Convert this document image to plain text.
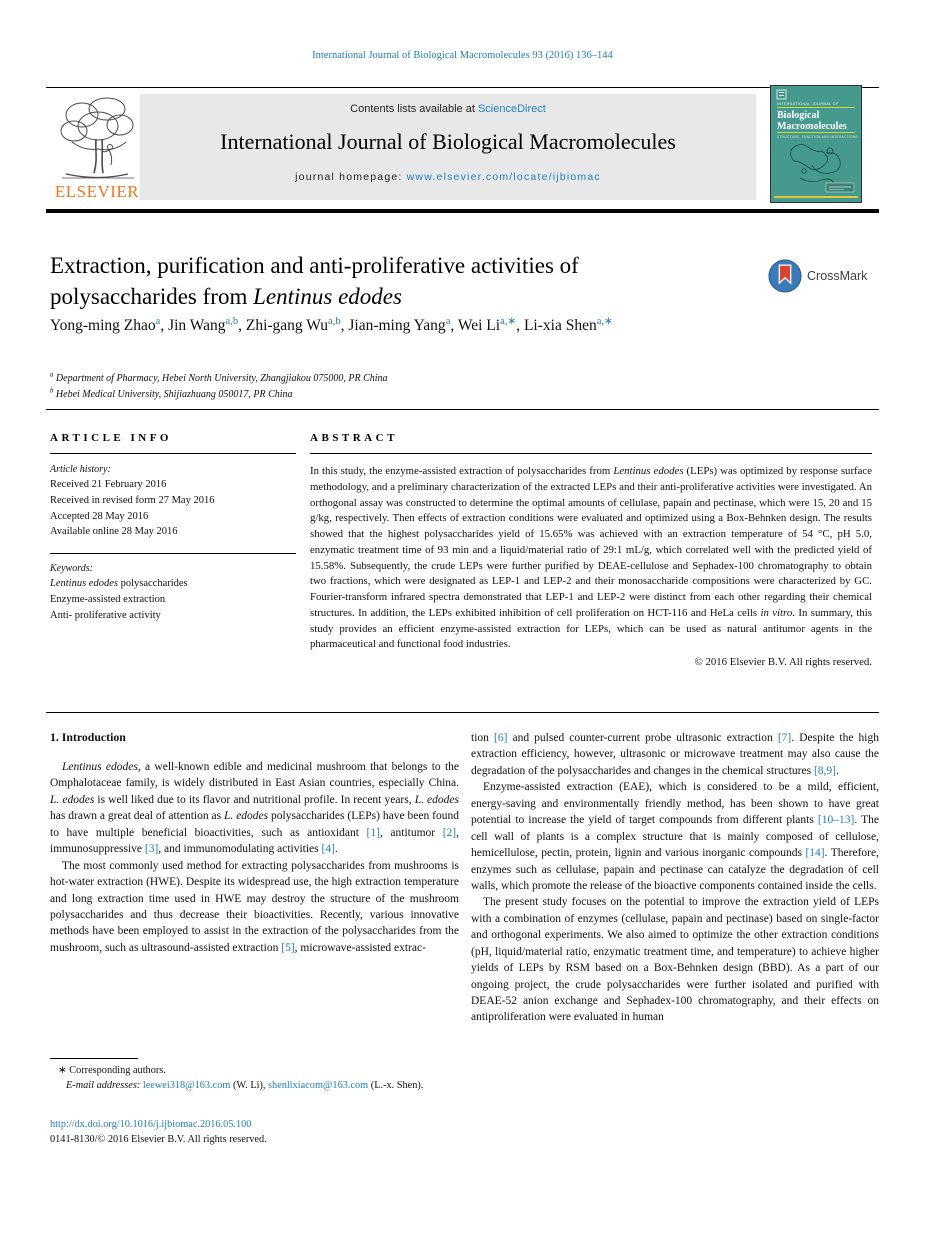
International Journal of Biological Macromolecules 93 (2016) 136–144
ELSEVIER
Contents lists available at ScienceDirect
International Journal of Biological Macromolecules
journal homepage: www.elsevier.com/locate/ijbiomac
INTERNATIONAL JOURNAL OF
Biological
Macromolecules
STRUCTURE, FUNCTION AND INTERACTIONS
Extraction, purification and anti-proliferative activities of polysaccharides from Lentinus edodes
CrossMark
Yong-ming Zhao$^a$, Jin Wang$^{a,b}$, Zhi-gang Wu$^{a,b}$, Jian-ming Yang$^a$, Wei $Li^{a,∗}$, Li-xia Shen$^{a,∗}$
$^a$ Department of Pharmacy, Hebei North University, Zhangjiakou 075000, PR China
$^b$ Hebei Medical University, Shijiazhuang 050017, PR China
ARTICLE INFO
Article history:
Received 21 February 2016
Received in revised form 27 May 2016
Accepted 28 May 2016
Available online 28 May 2016
Keywords:
Lentinus edodes polysaccharides
Enzyme-assisted extraction
Anti- proliferative activity
ABSTRACT

In this study, the enzyme-assisted extraction of polysaccharides from Lentinus edodes (LEPs) was optimized by response surface methodology, and a preliminary characterization of the extracted LEPs and their anti-proliferative activities were investigated. An orthogonal assay was constructed to determine the optimal amounts of cellulase, papain and pectinase, which were 15, 20 and 15 g/kg, respectively. Then effects of extraction conditions were evaluated and optimized using a Box-Behnken design. The results showed that the highest polysaccharides yield of 15.65% was achieved with an extraction temperature of 54 °C, pH 5.0, enzymatic treatment time of 93 min and a liquid/material ratio of 29:1 mL/g, which correlated well with the predicted yield of 15.58%. Subsequently, the crude LEPs were further purified by DEAE-cellulose and Sephadex-100 chromatography to obtain two fractions, which were designated as LEP-1 and LEP-2 and their monosaccharide compositions were characterized by GC. Fourier-transform infrared spectra demonstrated that LEP-1 and LEP-2 were distinct from each other regarding their chemical structures. In addition, the LEPs exhibited inhibition of cell proliferation on HCT-116 and HeLa cells in vitro. In summary, this study provides an efficient enzyme-assisted extraction for LEPs, which can be used as natural antitumor agents in the pharmaceutical and functional food industries.

© 2016 Elsevier B.V. All rights reserved.
1. Introduction

Lentinus edodes, a well-known edible and medicinal mushroom that belongs to the Omphalotaceae family, is widely distributed in East Asian countries, especially China. L. edodes is well liked due to its flavor and nutritional profile. In recent years, L. edodes has drawn a great deal of attention as L. edodes polysaccharides (LEPs) have been found to have multiple beneficial bioactivities, such as antioxidant [1], antitumor [2], immunosuppressive [3], and immunomodulating activities [4].

The most commonly used method for extracting polysaccharides from mushrooms is hot-water extraction (HWE). Despite its widespread use, the high extraction temperature and long extraction time used in HWE may destroy the structure of the mushroom polysaccharides and thus decrease their bioactivities. Recently, various innovative methods have been employed to assist in the extraction of the polysaccharides from the mushroom, such as ultrasound-assisted extraction [5], microwave-assisted extrac-

tion [6] and pulsed counter-current probe ultrasonic extraction [7]. Despite the high extraction efficiency, however, ultrasonic or microwave treatment may also cause the degradation of the polysaccharides and changes in the chemical structures [8,9].

Enzyme-assisted extraction (EAE), which is considered to be a mild, efficient, energy-saving and environmentally friendly method, has been shown to have great potential to increase the yield of target compounds from different plants [10–13]. The cell wall of plants is a complex structure that is mainly composed of cellulose, hemicellulose, pectin, protein, lignin and various inorganic compounds [14]. Therefore, enzymes such as cellulase, papain and pectinase can catalyze the degradation of cell walls, which promote the release of the bioactive components contained inside the cells.

The present study focuses on the potential to improve the extraction yield of LEPs with a combination of enzymes (cellulase, papain and pectinase) based on single-factor and orthogonal experiments. We also aimed to optimize the other extraction conditions (pH, liquid/material ratio, enzymatic treatment time, and temperature) to achieve higher yields of LEPs by RSM based on a Box-Behnken design (BBD). As a part of our ongoing project, the crude polysaccharides were further isolated and purified with DEAE-52 anion exchange and Sephadex-100 chromatography, and their effects on antiproliferation were evaluated in human

∗ Corresponding authors.
E-mail addresses: leewei318@163.com (W. Li), shenlixiacom@163.com (L.-x. Shen).
http://dx.doi.org/10.1016/j.ijbiomac.2016.05.100
0141-8130/© 2016 Elsevier B.V. All rights reserved.
